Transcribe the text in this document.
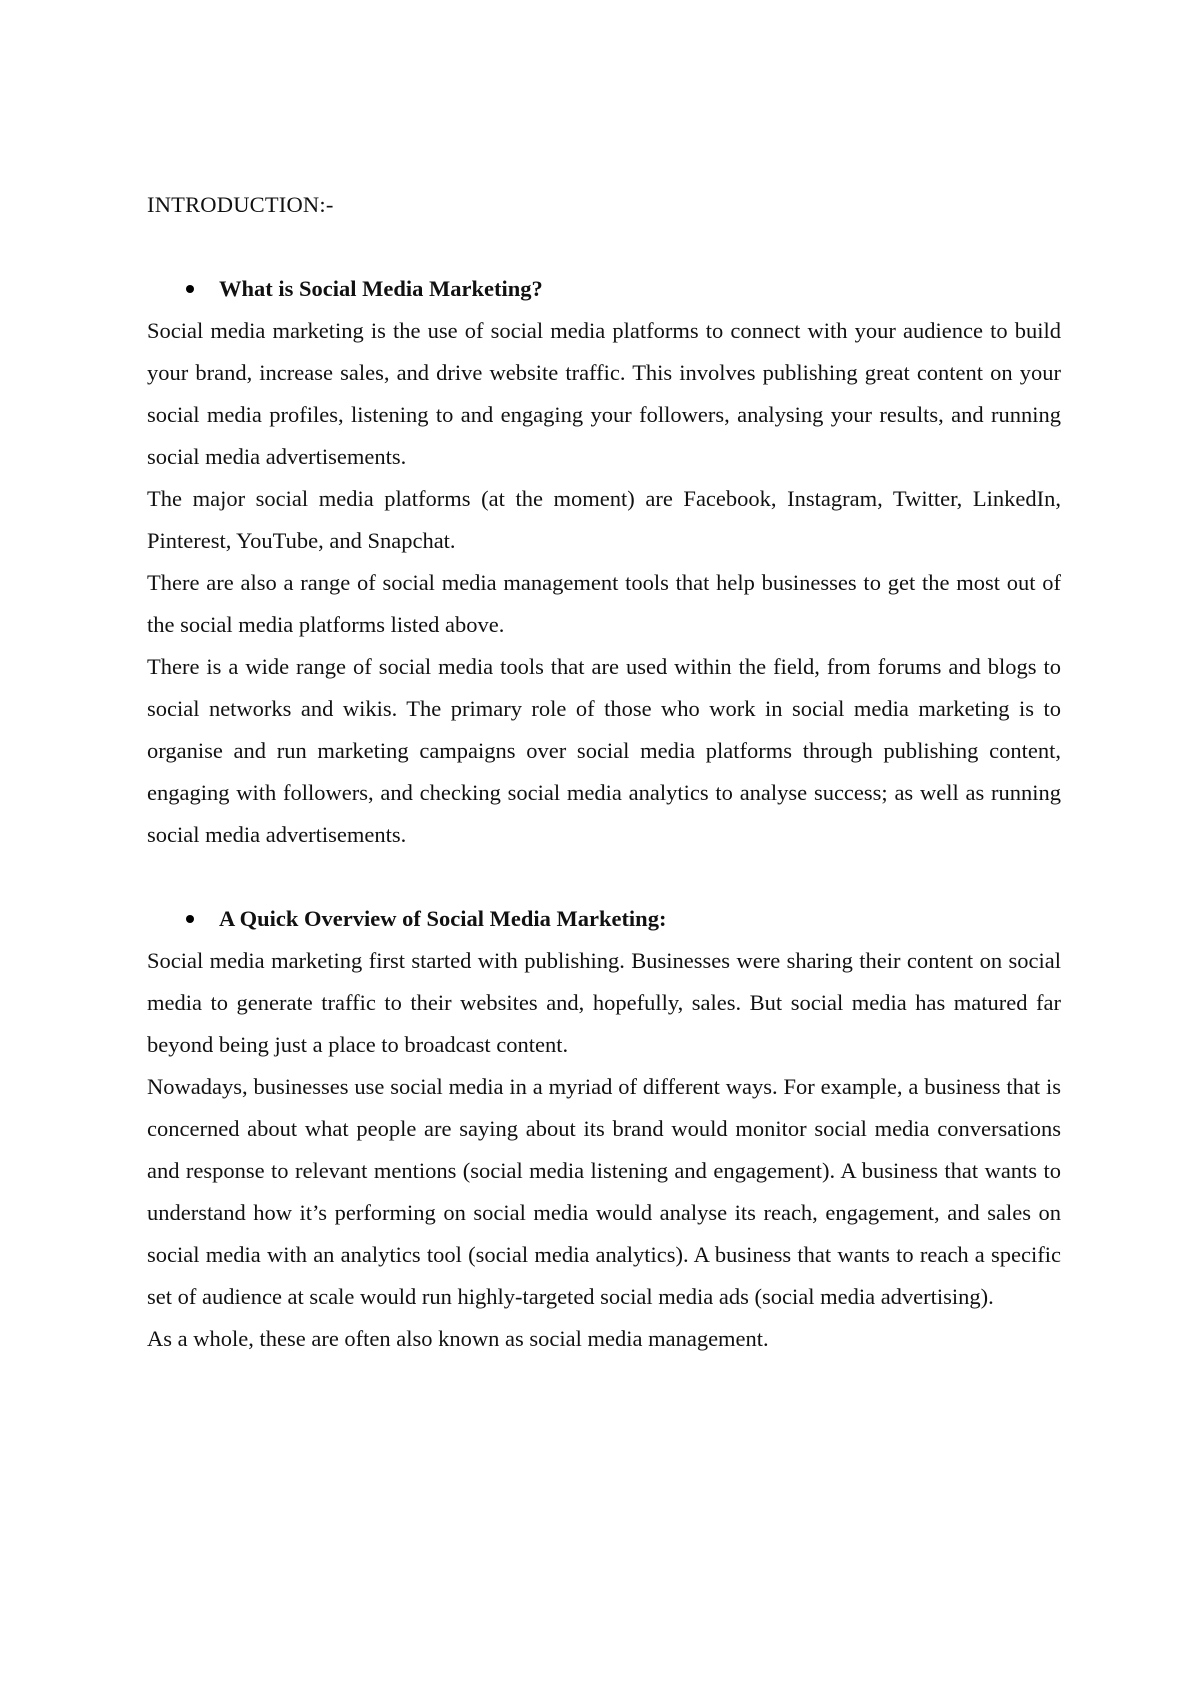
INTRODUCTION:-

What is Social Media Marketing?

Social media marketing is the use of social media platforms to connect with your audience to build your brand, increase sales, and drive website traffic. This involves publishing great content on your social media profiles, listening to and engaging your followers, analysing your results, and running social media advertisements.

The major social media platforms (at the moment) are Facebook, Instagram, Twitter, LinkedIn, Pinterest, YouTube, and Snapchat.

There are also a range of social media management tools that help businesses to get the most out of the social media platforms listed above.

There is a wide range of social media tools that are used within the field, from forums and blogs to social networks and wikis. The primary role of those who work in social media marketing is to organise and run marketing campaigns over social media platforms through publishing content, engaging with followers, and checking social media analytics to analyse success; as well as running social media advertisements.

A Quick Overview of Social Media Marketing:

Social media marketing first started with publishing. Businesses were sharing their content on social media to generate traffic to their websites and, hopefully, sales. But social media has matured far beyond being just a place to broadcast content.

Nowadays, businesses use social media in a myriad of different ways. For example, a business that is concerned about what people are saying about its brand would monitor social media conversations and response to relevant mentions (social media listening and engagement). A business that wants to understand how it’s performing on social media would analyse its reach, engagement, and sales on social media with an analytics tool (social media analytics). A business that wants to reach a specific set of audience at scale would run highly-targeted social media ads (social media advertising).

As a whole, these are often also known as social media management.
